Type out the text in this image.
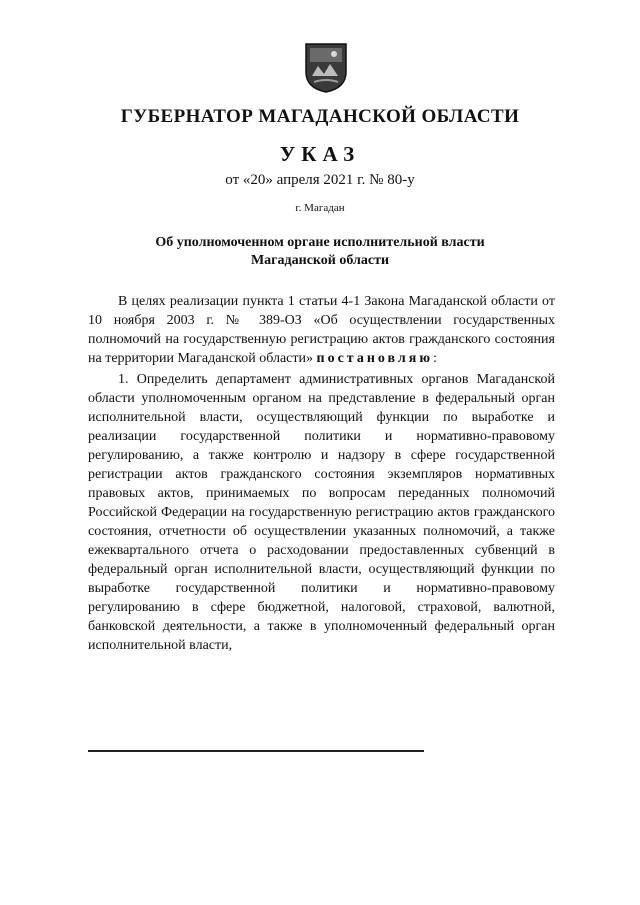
ГУБЕРНАТОР МАГАДАНСКОЙ ОБЛАСТИ
УКАЗ
от «20» апреля 2021 г. № 80-у
г. Магадан
Об уполномоченном органе исполнительной власти
Магаданской области

В целях реализации пункта 1 статьи 4-1 Закона Магаданской области от 10 ноября 2003 г. № 389-ОЗ «Об осуществлении государственных полномочий на государственную регистрацию актов гражданского состояния на территории Магаданской области» постановляю:

1. Определить департамент административных органов Магаданской области уполномоченным органом на представление в федеральный орган исполнительной власти, осуществляющий функции по выработке и реализации государственной политики и нормативно-правовому регулированию, а также контролю и надзору в сфере государственной регистрации актов гражданского состояния экземпляров нормативных правовых актов, принимаемых по вопросам переданных полномочий Российской Федерации на государственную регистрацию актов гражданского состояния, отчетности об осуществлении указанных полномочий, а также ежеквартального отчета о расходовании предоставленных субвенций в федеральный орган исполнительной власти, осуществляющий функции по выработке государственной политики и нормативно-правовому регулированию в сфере бюджетной, налоговой, страховой, валютной, банковской деятельности, а также в уполномоченный федеральный орган исполнительной власти,
